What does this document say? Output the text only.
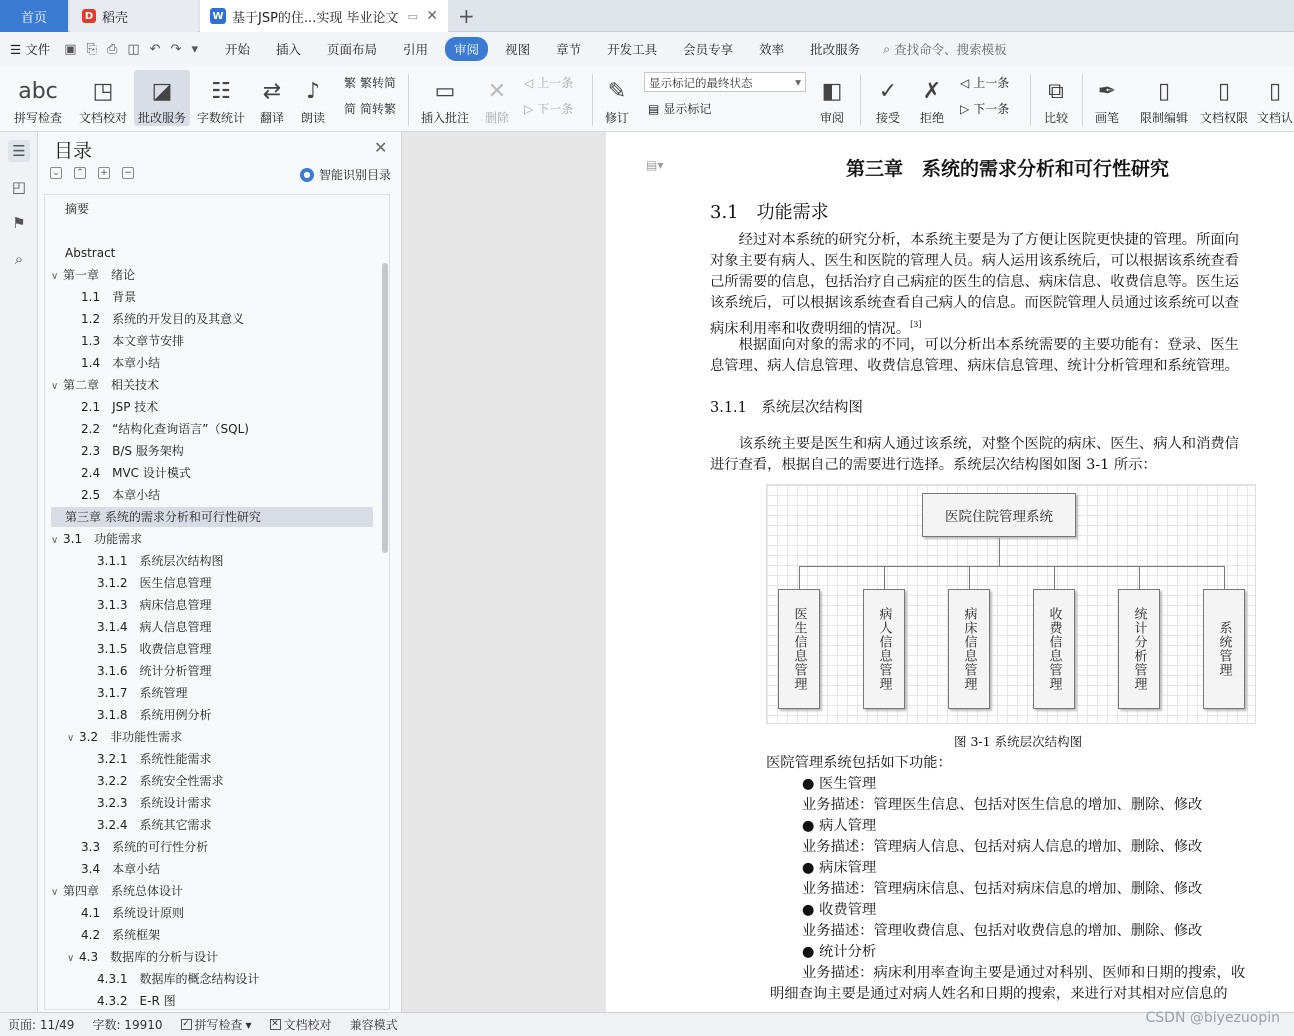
首页	D 稻壳	W 基于JSP的住...实现 毕业论文 ▭ ✕ +
☰ 文件 ▣ ⎘ ⎙ ◫ ↶ ↷ ▾	开始	插入	页面布局	引用	审阅	视图	章节	开发工具	会员专享	效率	批改服务	⌕ 查找命令、搜索模板
abc
拼写检查
◳
文档校对
◪
批改服务
☷
字数统计
⇄
翻译
♪
朗读
繁 繁转简
简 简转繁
▭
插入批注
✕
删除
◁ 上一条
▷ 下一条
✎
修订
显示标记的最终状态 ▾
▤ 显示标记
◧
审阅
✓
接受
✗
拒绝
◁ 上一条
▷ 下一条
⧉
比较
✒
画笔
▯
限制编辑
▯
文档权限
▯
文档认
☰
◰
⚑
⌕
目录	✕
⌄ ⌃ + −	● 智能识别目录
摘要
Abstract
∨ 第一章　绪论
1.1　背景
1.2　系统的开发目的及其意义
1.3　本文章节安排
1.4　本章小结
∨ 第二章　相关技术
2.1　JSP 技术
2.2　“结构化查询语言”（SQL)
2.3　B/S 服务架构
2.4　MVC 设计模式
2.5　本章小结
第三章 系统的需求分析和可行性研究
∨ 3.1　功能需求
3.1.1　系统层次结构图
3.1.2　医生信息管理
3.1.3　病床信息管理
3.1.4　病人信息管理
3.1.5　收费信息管理
3.1.6　统计分析管理
3.1.7　系统管理
3.1.8　系统用例分析
∨ 3.2　非功能性需求
3.2.1　系统性能需求
3.2.2　系统安全性需求
3.2.3　系统设计需求
3.2.4　系统其它需求
3.3　系统的可行性分析
3.4　本章小结
∨ 第四章　系统总体设计
4.1　系统设计原则
4.2　系统框架
∨ 4.3　数据库的分析与设计
4.3.1　数据库的概念结构设计
4.3.2　E-R 图
▤▾	第三章　系统的需求分析和可行性研究
3.1　功能需求
　　经过对本系统的研究分析，本系统主要是为了方便让医院更快捷的管理。所面向
对象主要有病人、医生和医院的管理人员。病人运用该系统后，可以根据该系统查看
己所需要的信息，包括治疗自己病症的医生的信息、病床信息、收费信息等。医生运
该系统后，可以根据该系统查看自己病人的信息。而医院管理人员通过该系统可以查
病床利用率和收费明细的情况。[3]
　　根据面向对象的需求的不同，可以分析出本系统需要的主要功能有：登录、医生
息管理、病人信息管理、收费信息管理、病床信息管理、统计分析管理和系统管理。
3.1.1　系统层次结构图
　　该系统主要是医生和病人通过该系统，对整个医院的病床、医生、病人和消费信
进行查看，根据自己的需要进行选择。系统层次结构图如图 3-1 所示：
医院住院管理系统
医生信息管理	病人信息管理	病床信息管理	收费信息管理	统计分析管理	系统管理
图 3-1 系统层次结构图
医院管理系统包括如下功能：
● 医生管理
业务描述：管理医生信息、包括对医生信息的增加、删除、修改
● 病人管理
业务描述：管理病人信息、包括对病人信息的增加、删除、修改
● 病床管理
业务描述：管理病床信息、包括对病床信息的增加、删除、修改
● 收费管理
业务描述：管理收费信息、包括对收费信息的增加、删除、修改
● 统计分析
业务描述：病床利用率查询主要是通过对科别、医师和日期的搜索，收
明细查询主要是通过对病人姓名和日期的搜索，来进行对其相对应信息的
页面: 11/49 字数: 19910 ✓ 拼写检查 ▾ ✕ 文档校对 兼容模式	CSDN @biyezuopin
